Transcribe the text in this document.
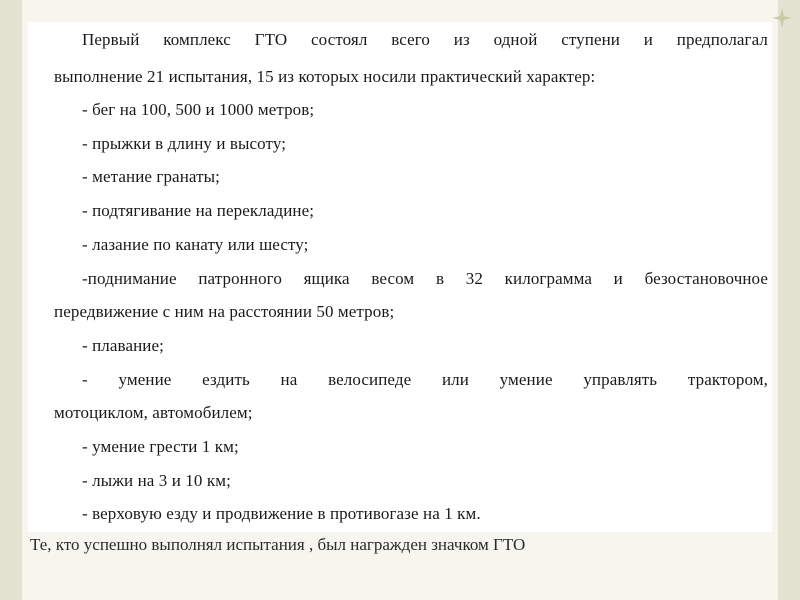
Первый комплекс ГТО состоял всего из одной ступени и предполагал
выполнение 21 испытания, 15 из которых носили практический характер:
- бег на 100, 500 и 1000 метров;
- прыжки в длину и высоту;
- метание гранаты;
- подтягивание на перекладине;
- лазание по канату или шесту;
-поднимание патронного ящика весом в 32 килограмма и безостановочное
передвижение с ним на расстоянии 50 метров;
- плавание;
- умение ездить на велосипеде или умение управлять трактором,
мотоциклом, автомобилем;
- умение грести 1 км;
- лыжи на 3 и 10 км;
- верховую езду и продвижение в противогазе на 1 км.
Те, кто успешно выполнял испытания , был награжден значком ГТО
